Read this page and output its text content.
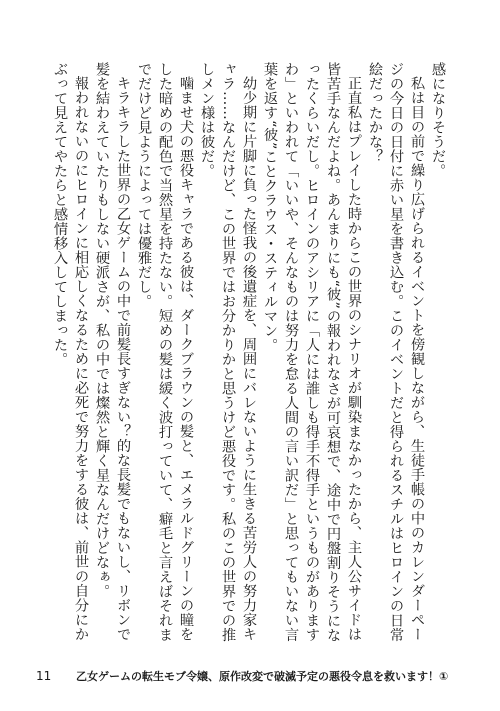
感になりそうだ。

私は目の前で繰り広げられるイベントを傍観しながら、生徒手帳の中のカレンダーページの今日の日付に赤い星を書き込む。このイベントだと得られるスチルはヒロインの日常絵だったかな？

正直私はプレイした時からこの世界のシナリオが馴染まなかったから、主人公サイドは皆苦手なんだよね。あんまりにも“彼”の報われなさが可哀想で、途中で円盤割りそうになったくらいだし。ヒロインのアシリアに「人には誰しも得手不得手というものがありますわ」といわれて「いいや、そんなものは努力を怠る人間の言い訳だ」と思ってもいない言葉を返す“彼”ことクラウス・スティルマン。

幼少期に片脚に負った怪我の後遺症を、周囲にバレないように生きる苦労人の努力家キャラ……なんだけど、この世界ではお分かりかと思うけど悪役です。私のこの世界での推しメン様は彼だ。

噛ませ犬の悪役キャラである彼は、ダークブラウンの髪と、エメラルドグリーンの瞳をした暗めの配色で当然星を持たない。短めの髪は緩く波打っていて、癖毛と言えばそれまでだけど見ようによっては優雅だし。

キラキラした世界の乙女ゲームの中で前髪長すぎない？的な長髪でもないし、リボンで髪を結わえていたりもしない硬派さが、私の中では燦然と輝く星なんだけどなぁ。

報われないのにヒロインに相応しくなるために必死で努力をする彼は、前世の自分にかぶって見えてやたらと感情移入してしまった。

11	乙女ゲームの転生モブ令嬢、原作改変で破滅予定の悪役令息を救います！①
